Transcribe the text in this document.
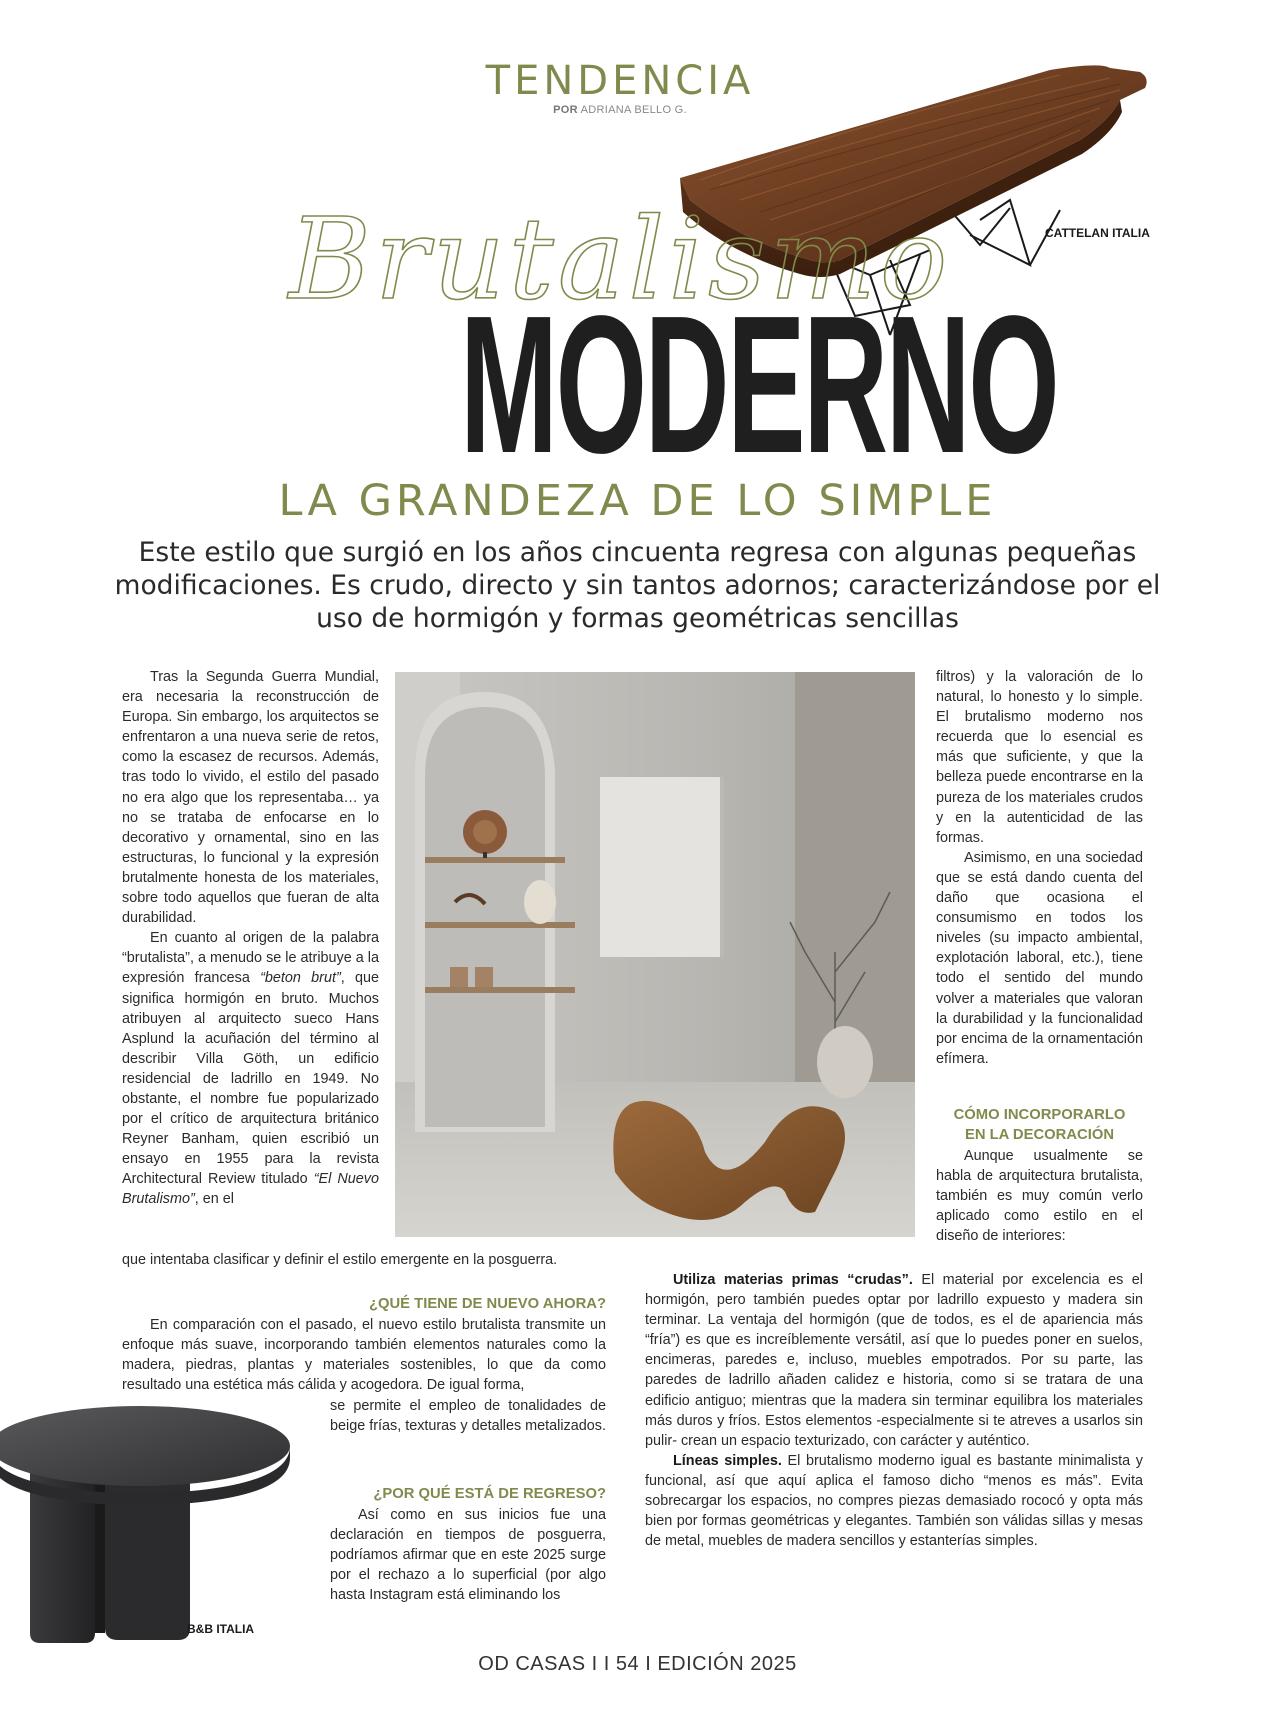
TENDENCIA
POR ADRIANA BELLO G.
CATTELAN ITALIA
Brutalismo
MODERNO
LA GRANDEZA DE LO SIMPLE
Este estilo que surgió en los años cincuenta regresa con algunas pequeñas modificaciones. Es crudo, directo y sin tantos adornos; caracterizándose por el uso de hormigón y formas geométricas sencillas

Tras la Segunda Guerra Mundial, era necesaria la reconstrucción de Europa. Sin embargo, los arquitectos se enfrentaron a una nueva serie de retos, como la escasez de recursos. Además, tras todo lo vivido, el estilo del pasado no era algo que los representaba… ya no se trataba de enfocarse en lo decorativo y ornamental, sino en las estructuras, lo funcional y la expresión brutalmente honesta de los materiales, sobre todo aquellos que fueran de alta durabilidad.

En cuanto al origen de la palabra “brutalista”, a menudo se le atribuye a la expresión francesa “beton brut”, que significa hormigón en bruto. Muchos atribuyen al arquitecto sueco Hans Asplund la acuñación del término al describir Villa Göth, un edificio residencial de ladrillo en 1949. No obstante, el nombre fue popularizado por el crítico de arquitectura británico Reyner Banham, quien escribió un ensayo en 1955 para la revista Architectural Review titulado “El Nuevo Brutalismo”, en el

que intentaba clasificar y definir el estilo emergente en la posguerra.

filtros) y la valoración de lo natural, lo honesto y lo simple. El brutalismo moderno nos recuerda que lo esencial es más que suficiente, y que la belleza puede encontrarse en la pureza de los materiales crudos y en la autenticidad de las formas.

Asimismo, en una sociedad que se está dando cuenta del daño que ocasiona el consumismo en todos los niveles (su impacto ambiental, explotación laboral, etc.), tiene todo el sentido del mundo volver a materiales que valoran la durabilidad y la funcionalidad por encima de la ornamentación efímera.

CÓMO INCORPORARLO
EN LA DECORACIÓN

Aunque usualmente se habla de arquitectura brutalista, también es muy común verlo aplicado como estilo en el diseño de interiores:

¿QUÉ TIENE DE NUEVO AHORA?

En comparación con el pasado, el nuevo estilo brutalista transmite un enfoque más suave, incorporando también elementos naturales como la madera, piedras, plantas y materiales sostenibles, lo que da como resultado una estética más cálida y acogedora. De igual forma,

se permite el empleo de tonalidades de beige frías, texturas y detalles metalizados.

¿POR QUÉ ESTÁ DE REGRESO?

Así como en sus inicios fue una declaración en tiempos de posguerra, podríamos afirmar que en este 2025 surge por el rechazo a lo superficial (por algo hasta Instagram está eliminando los

Utiliza materias primas “crudas”. El material por excelencia es el hormigón, pero también puedes optar por ladrillo expuesto y madera sin terminar. La ventaja del hormigón (que de todos, es el de apariencia más “fría”) es que es increíblemente versátil, así que lo puedes poner en suelos, encimeras, paredes e, incluso, muebles empotrados. Por su parte, las paredes de ladrillo añaden calidez e historia, como si se tratara de una edificio antiguo; mientras que la madera sin terminar equilibra los materiales más duros y fríos. Estos elementos -especialmente si te atreves a usarlos sin pulir- crean un espacio texturizado, con carácter y auténtico.

Líneas simples. El brutalismo moderno igual es bastante minimalista y funcional, así que aquí aplica el famoso dicho “menos es más”. Evita sobrecargar los espacios, no compres piezas demasiado rococó y opta más bien por formas geométricas y elegantes. También son válidas sillas y mesas de metal, muebles de madera sencillos y estanterías simples.

B&B ITALIA
OD CASAS I I 54 I EDICIÓN 2025
